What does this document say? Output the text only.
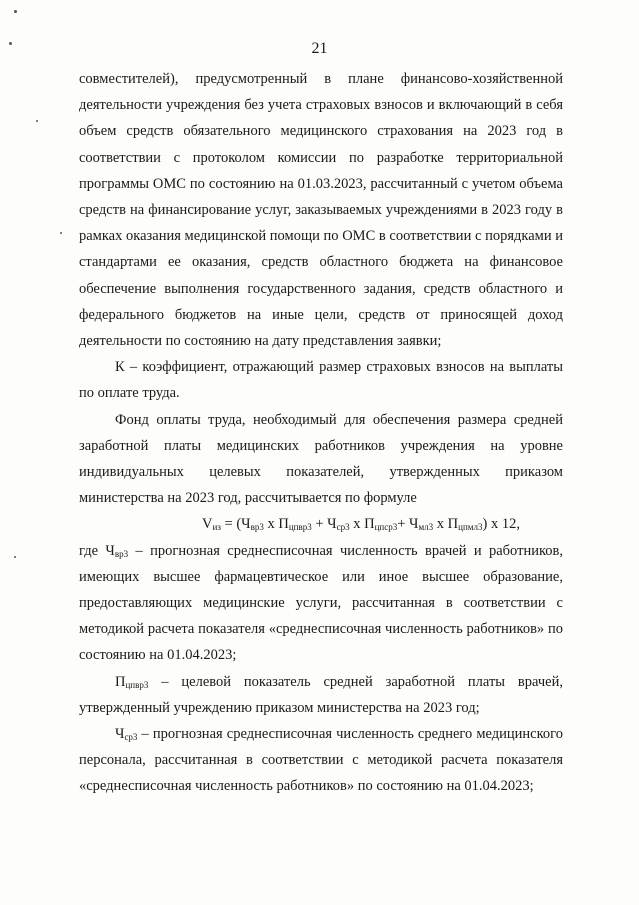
21

совместителей), предусмотренный в плане финансово-хозяйственной деятельности учреждения без учета страховых взносов и включающий в себя объем средств обязательного медицинского страхования на 2023 год в соответствии с протоколом комиссии по разработке территориальной программы ОМС по состоянию на 01.03.2023, рассчитанный с учетом объема средств на финансирование услуг, заказываемых учреждениями в 2023 году в рамках оказания медицинской помощи по ОМС в соответствии с порядками и стандартами ее оказания, средств областного бюджета на финансовое обеспечение выполнения государственного задания, средств областного и федерального бюджетов на иные цели, средств от приносящей доход деятельности по состоянию на дату представления заявки;

К – коэффициент, отражающий размер страховых взносов на выплаты по оплате труда.

Фонд оплаты труда, необходимый для обеспечения размера средней заработной платы медицинских работников учреждения на уровне индивидуальных целевых показателей, утвержденных приказом министерства на 2023 год, рассчитывается по формуле

$V_{из} = (Ч_{вр3}$ х $П_{цпвр3} + Ч_{ср3}$ х $П_{цпср3}+ Ч_{мл3}$ х $П_{цпмл3}$) х 12,

где $Ч_{вр3}$ – прогнозная среднесписочная численность врачей и работников, имеющих высшее фармацевтическое или иное высшее образование, предоставляющих медицинские услуги, рассчитанная в соответствии с методикой расчета показателя «среднесписочная численность работников» по состоянию на 01.04.2023;

$П_{цпвр3}$ – целевой показатель средней заработной платы врачей, утвержденный учреждению приказом министерства на 2023 год;

$Ч_{ср3}$ – прогнозная среднесписочная численность среднего медицинского персонала, рассчитанная в соответствии с методикой расчета показателя «среднесписочная численность работников» по состоянию на 01.04.2023;
